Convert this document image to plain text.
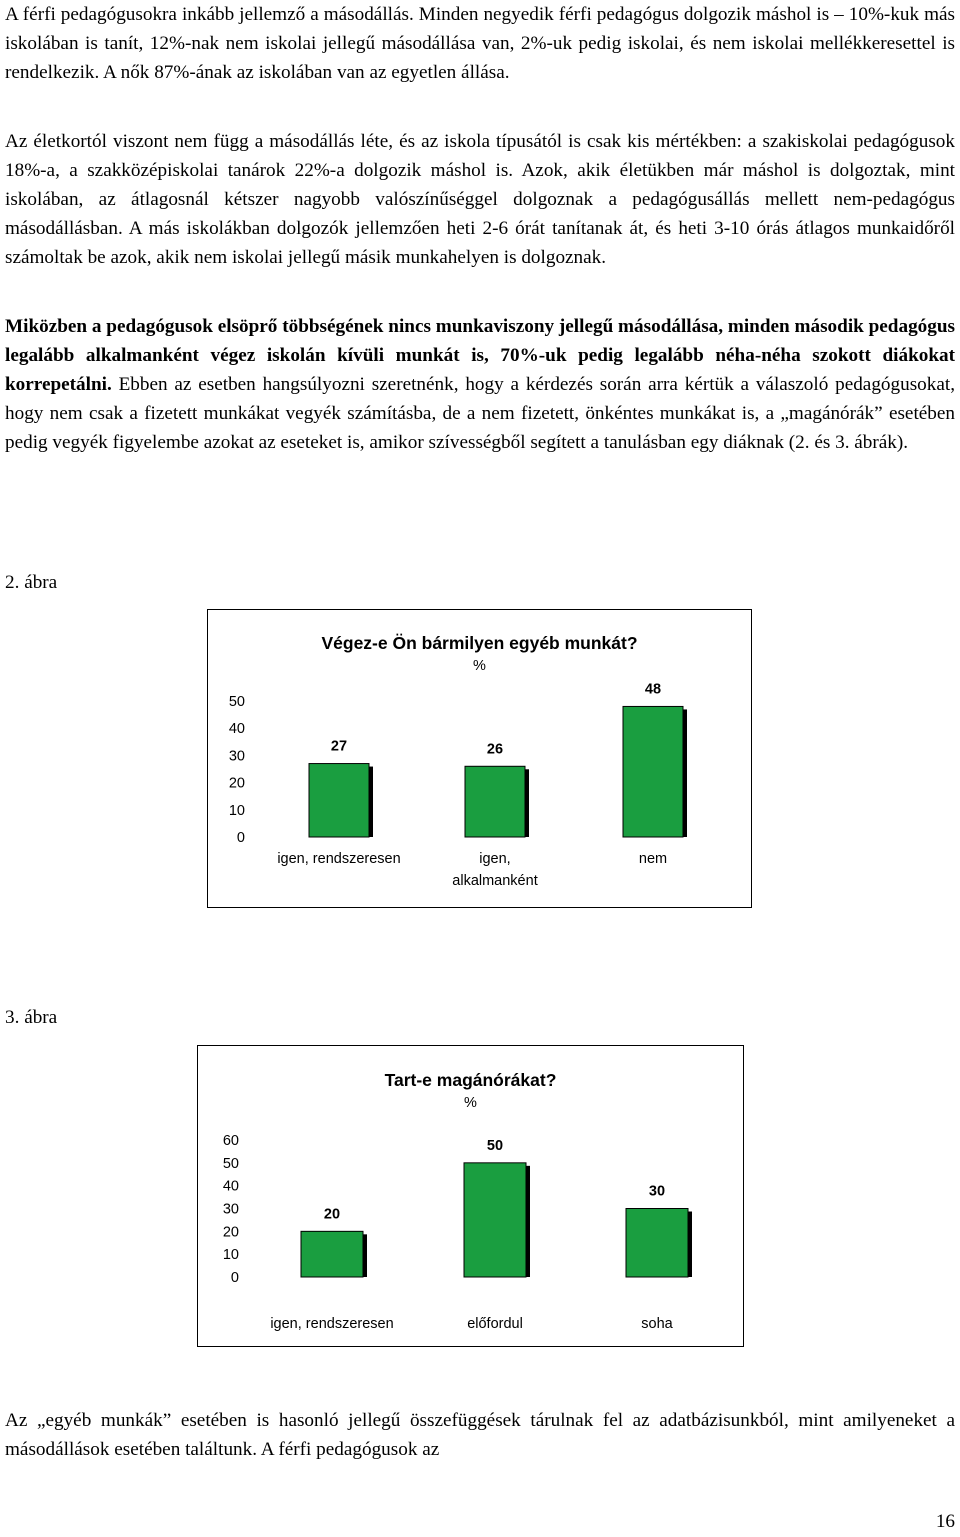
A férfi pedagógusokra inkább jellemző a másodállás. Minden negyedik férfi pedagógus dolgozik máshol is – 10%-kuk más iskolában is tanít, 12%-nak nem iskolai jellegű másodállása van, 2%-uk pedig iskolai, és nem iskolai mellékkeresettel is rendelkezik. A nők 87%-ának az iskolában van az egyetlen állása.

Az életkortól viszont nem függ a másodállás léte, és az iskola típusától is csak kis mértékben: a szakiskolai pedagógusok 18%-a, a szakközépiskolai tanárok 22%-a dolgozik máshol is. Azok, akik életükben már máshol is dolgoztak, mint iskolában, az átlagosnál kétszer nagyobb valószínűséggel dolgoznak a pedagógusállás mellett nem-pedagógus másodállásban. A más iskolákban dolgozók jellemzően heti 2-6 órát tanítanak át, és heti 3-10 órás átlagos munkaidőről számoltak be azok, akik nem iskolai jellegű másik munkahelyen is dolgoznak.

Miközben a pedagógusok elsöprő többségének nincs munkaviszony jellegű másodállása, minden második pedagógus legalább alkalmanként végez iskolán kívüli munkát is, 70%-uk pedig legalább néha-néha szokott diákokat korrepetálni. Ebben az esetben hangsúlyozni szeretnénk, hogy a kérdezés során arra kértük a válaszoló pedagógusokat, hogy nem csak a fizetett munkákat vegyék számításba, de a nem fizetett, önkéntes munkákat is, a „magánórák” esetében pedig vegyék figyelembe azokat az eseteket is, amikor szívességből segített a tanulásban egy diáknak (2. és 3. ábrák).

2. ábra
Végez-e Ön bármilyen egyéb munkát?
%
0
10
20
30
40
50
27
igen, rendszeresen
26
igen,
alkalmanként
48
nem
3. ábra
Tart-e magánórákat?
%
0
10
20
30
40
50
60
20
igen, rendszeresen
50
előfordul
30
soha

Az „egyéb munkák” esetében is hasonló jellegű összefüggések tárulnak fel az adatbázisunkból, mint amilyeneket a másodállások esetében találtunk. A férfi pedagógusok az

16
